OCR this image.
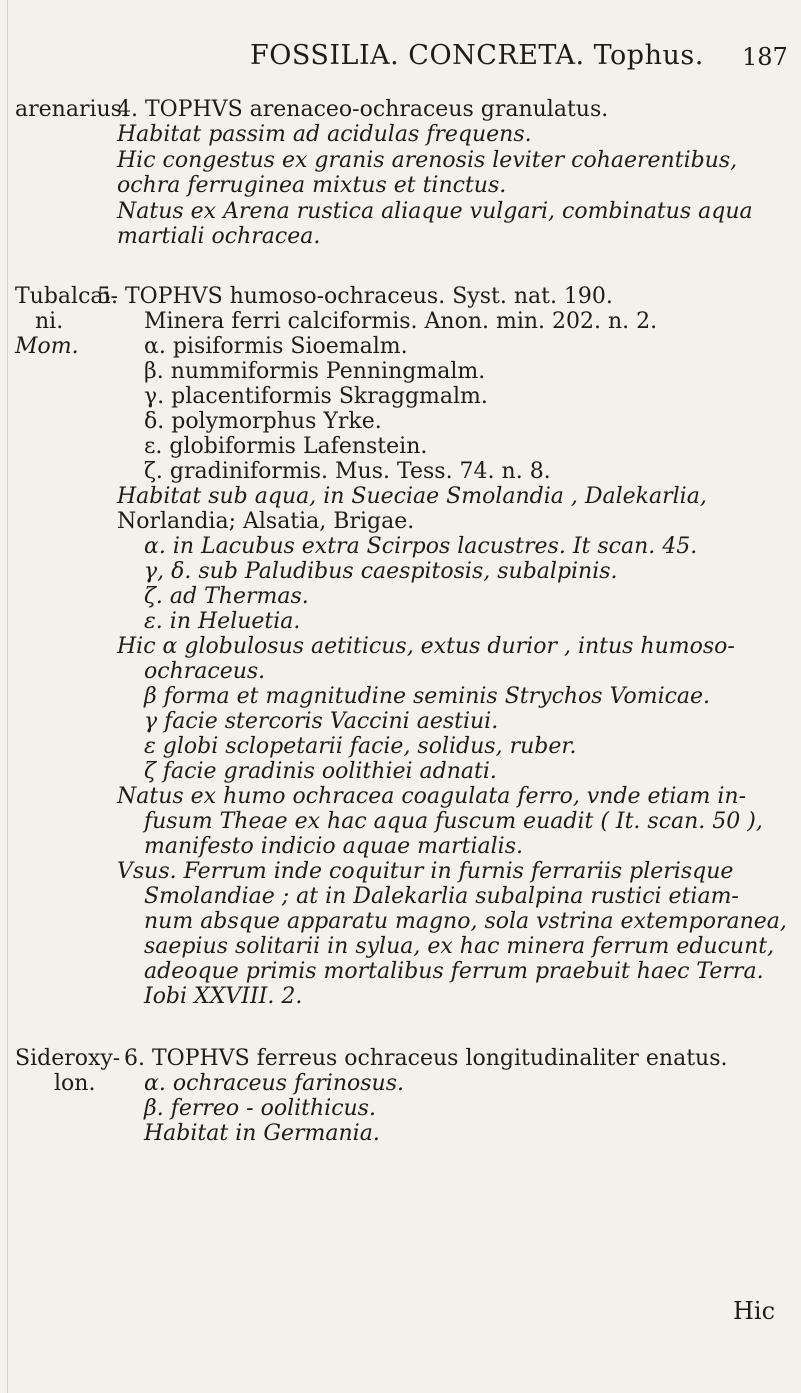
FOSSILIA. CONCRETA. Tophus. 187
arenarius.
4. TOPHVS arenaceo-ochraceus granulatus.
Habitat passim ad acidulas frequens.
Hic congestus ex granis arenosis leviter cohaerentibus,
ochra ferruginea mixtus et tinctus.
Natus ex Arena rustica aliaque vulgari, combinatus aqua
martiali ochracea.
Tubalcai-
ni.
Mom.
5. TOPHVS humoso-ochraceus. Syst. nat. 190.
Minera ferri calciformis. Anon. min. 202. n. 2.
α. pisiformis Sioemalm.
β. nummiformis Penningmalm.
γ. placentiformis Skraggmalm.
δ. polymorphus Yrke.
ε. globiformis Lafenstein.
ζ. gradiniformis. Mus. Tess. 74. n. 8.
Habitat sub aqua, in Sueciae Smolandia , Dalekarlia,
Norlandia; Alsatia, Brigae.
α. in Lacubus extra Scirpos lacustres. It scan. 45.
γ, δ. sub Paludibus caespitosis, subalpinis.
ζ. ad Thermas.
ε. in Heluetia.
Hic α globulosus aetiticus, extus durior , intus humoso-
ochraceus.
β forma et magnitudine seminis Strychos Vomicae.
γ facie stercoris Vaccini aestiui.
ε globi sclopetarii facie, solidus, ruber.
ζ facie gradinis oolithiei adnati.
Natus ex humo ochracea coagulata ferro, vnde etiam in-
fusum Theae ex hac aqua fuscum euadit ( It. scan. 50 ),
manifesto indicio aquae martialis.
Vsus. Ferrum inde coquitur in furnis ferrariis plerisque
Smolandiae ; at in Dalekarlia subalpina rustici etiam-
num absque apparatu magno, sola vstrina extemporanea,
saepius solitarii in sylua, ex hac minera ferrum educunt,
adeoque primis mortalibus ferrum praebuit haec Terra.
Iobi XXVIII. 2.
Sideroxy-
lon.
6. TOPHVS ferreus ochraceus longitudinaliter enatus.
α. ochraceus farinosus.
β. ferreo - oolithicus.
Habitat in Germania.
Hic
